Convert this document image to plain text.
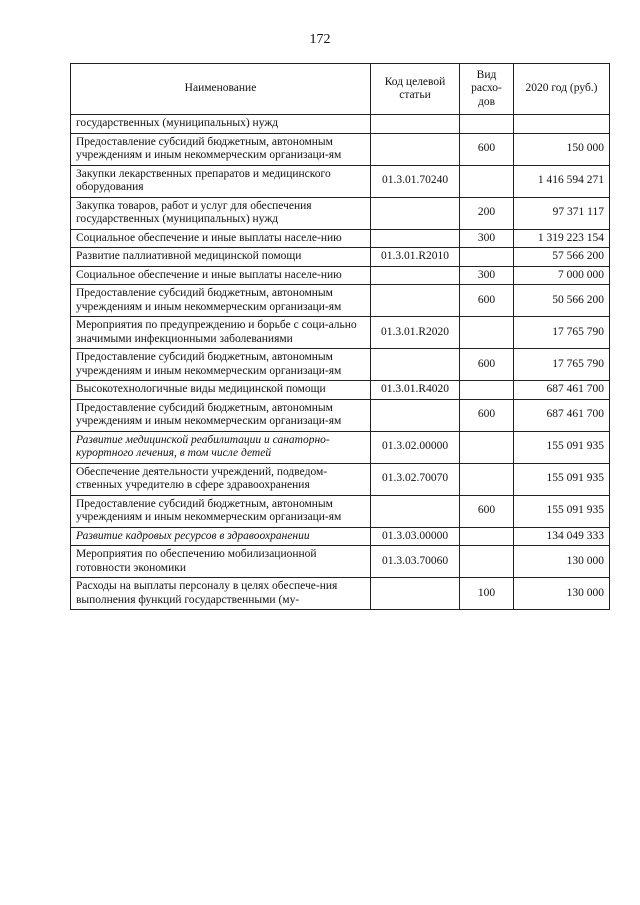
172
Наименование	Код целевой статьи	Вид расхо-дов	2020 год (руб.)
государственных (муниципальных) нужд			
Предоставление субсидий бюджетным, автономным учреждениям и иным некоммерческим организаци-ям		600	150 000
Закупки лекарственных препаратов и медицинского оборудования	01.3.01.70240		1 416 594 271
Закупка товаров, работ и услуг для обеспечения государственных (муниципальных) нужд		200	97 371 117
Социальное обеспечение и иные выплаты населе-нию		300	1 319 223 154
Развитие паллиативной медицинской помощи	01.3.01.R2010		57 566 200
Социальное обеспечение и иные выплаты населе-нию		300	7 000 000
Предоставление субсидий бюджетным, автономным учреждениям и иным некоммерческим организаци-ям		600	50 566 200
Мероприятия по предупреждению и борьбе с соци-ально значимыми инфекционными заболеваниями	01.3.01.R2020		17 765 790
Предоставление субсидий бюджетным, автономным учреждениям и иным некоммерческим организаци-ям		600	17 765 790
Высокотехнологичные виды медицинской помощи	01.3.01.R4020		687 461 700
Предоставление субсидий бюджетным, автономным учреждениям и иным некоммерческим организаци-ям		600	687 461 700
Развитие медицинской реабилитации и санаторно-курортного лечения, в том числе детей	01.3.02.00000		155 091 935
Обеспечение деятельности учреждений, подведом-ственных учредителю в сфере здравоохранения	01.3.02.70070		155 091 935
Предоставление субсидий бюджетным, автономным учреждениям и иным некоммерческим организаци-ям		600	155 091 935
Развитие кадровых ресурсов в здравоохранении	01.3.03.00000		134 049 333
Мероприятия по обеспечению мобилизационной готовности экономики	01.3.03.70060		130 000
Расходы на выплаты персоналу в целях обеспече-ния выполнения функций государственными (му-		100	130 000
